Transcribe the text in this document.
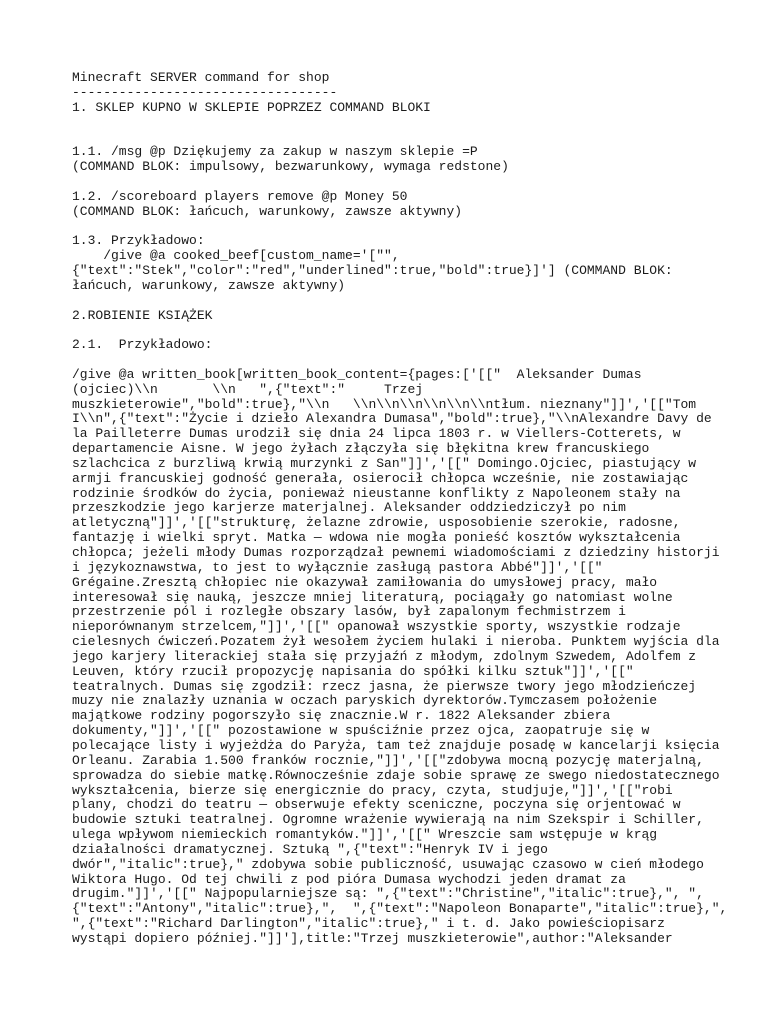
Minecraft SERVER command for shop
----------------------------------
1. SKLEP KUPNO W SKLEPIE POPRZEZ COMMAND BLOKI

1.1. /msg @p Dziękujemy za zakup w naszym sklepie =P
(COMMAND BLOK: impulsowy, bezwarunkowy, wymaga redstone)

1.2. /scoreboard players remove @p Money 50
(COMMAND BLOK: łańcuch, warunkowy, zawsze aktywny)

1.3. Przykładowo:
/give @a cooked_beef[custom_name='["",
{"text":"Stek","color":"red","underlined":true,"bold":true}]'] (COMMAND BLOK:
łańcuch, warunkowy, zawsze aktywny)

2.ROBIENIE KSIĄŻEK

2.1.  Przykładowo:

/give @a written_book[written_book_content={pages:['[["  Aleksander Dumas
(ojciec)\\n       \\n   ",{"text":"     Trzej
muszkieterowie","bold":true},"\\n   \\n\\n\\n\\n\\n\\ntłum. nieznany"]]','[["Tom
I\\n",{"text":"Życie i dzieło Alexandra Dumasa","bold":true},"\\nAlexandre Davy de
la Pailleterre Dumas urodził się dnia 24 lipca 1803 r. w Viellers-Cotterets, w
departamencie Aisne. W jego żyłach złączyła się błękitna krew francuskiego
szlachcica z burzliwą krwią murzynki z San"]]','[[" Domingo.Ojciec, piastujący w
armji francuskiej godność generała, osierocił chłopca wcześnie, nie zostawiając
rodzinie środków do życia, ponieważ nieustanne konflikty z Napoleonem stały na
przeszkodzie jego karjerze materjalnej. Aleksander oddziedziczył po nim
atletyczną"]]','[["strukturę, żelazne zdrowie, usposobienie szerokie, radosne,
fantazję i wielki spryt. Matka — wdowa nie mogła ponieść kosztów wykształcenia
chłopca; jeżeli młody Dumas rozporządzał pewnemi wiadomościami z dziedziny historji
i językoznawstwa, to jest to wyłącznie zasługą pastora Abbé"]]','[["
Grégaine.Zresztą chłopiec nie okazywał zamiłowania do umysłowej pracy, mało
interesował się nauką, jeszcze mniej literaturą, pociągały go natomiast wolne
przestrzenie pól i rozległe obszary lasów, był zapalonym fechmistrzem i
nieporównanym strzelcem,"]]','[[" opanował wszystkie sporty, wszystkie rodzaje
cielesnych ćwiczeń.Pozatem żył wesołem życiem hulaki i nieroba. Punktem wyjścia dla
jego karjery literackiej stała się przyjaźń z młodym, zdolnym Szwedem, Adolfem z
Leuven, który rzucił propozycję napisania do spółki kilku sztuk"]]','[["
teatralnych. Dumas się zgodził: rzecz jasna, że pierwsze twory jego młodzieńczej
muzy nie znalazły uznania w oczach paryskich dyrektorów.Tymczasem położenie
majątkowe rodziny pogorszyło się znacznie.W r. 1822 Aleksander zbiera
dokumenty,"]]','[[" pozostawione w spuściźnie przez ojca, zaopatruje się w
polecające listy i wyjeżdża do Paryża, tam też znajduje posadę w kancelarji księcia
Orleanu. Zarabia 1.500 franków rocznie,"]]','[["zdobywa mocną pozycję materjalną,
sprowadza do siebie matkę.Równocześnie zdaje sobie sprawę ze swego niedostatecznego
wykształcenia, bierze się energicznie do pracy, czyta, studjuje,"]]','[["robi
plany, chodzi do teatru — obserwuje efekty sceniczne, poczyna się orjentować w
budowie sztuki teatralnej. Ogromne wrażenie wywierają na nim Szekspir i Schiller,
ulega wpływom niemieckich romantyków."]]','[[" Wreszcie sam wstępuje w krąg
działalności dramatycznej. Sztuką ",{"text":"Henryk IV i jego
dwór","italic":true}," zdobywa sobie publiczność, usuwając czasowo w cień młodego
Wiktora Hugo. Od tej chwili z pod pióra Dumasa wychodzi jeden dramat za
drugim."]]','[[" Najpopularniejsze są: ",{"text":"Christine","italic":true},", ",
{"text":"Antony","italic":true},",  ",{"text":"Napoleon Bonaparte","italic":true},",
",{"text":"Richard Darlington","italic":true}," i t. d. Jako powieściopisarz
wystąpi dopiero później."]]'],title:"Trzej muszkieterowie",author:"Aleksander
